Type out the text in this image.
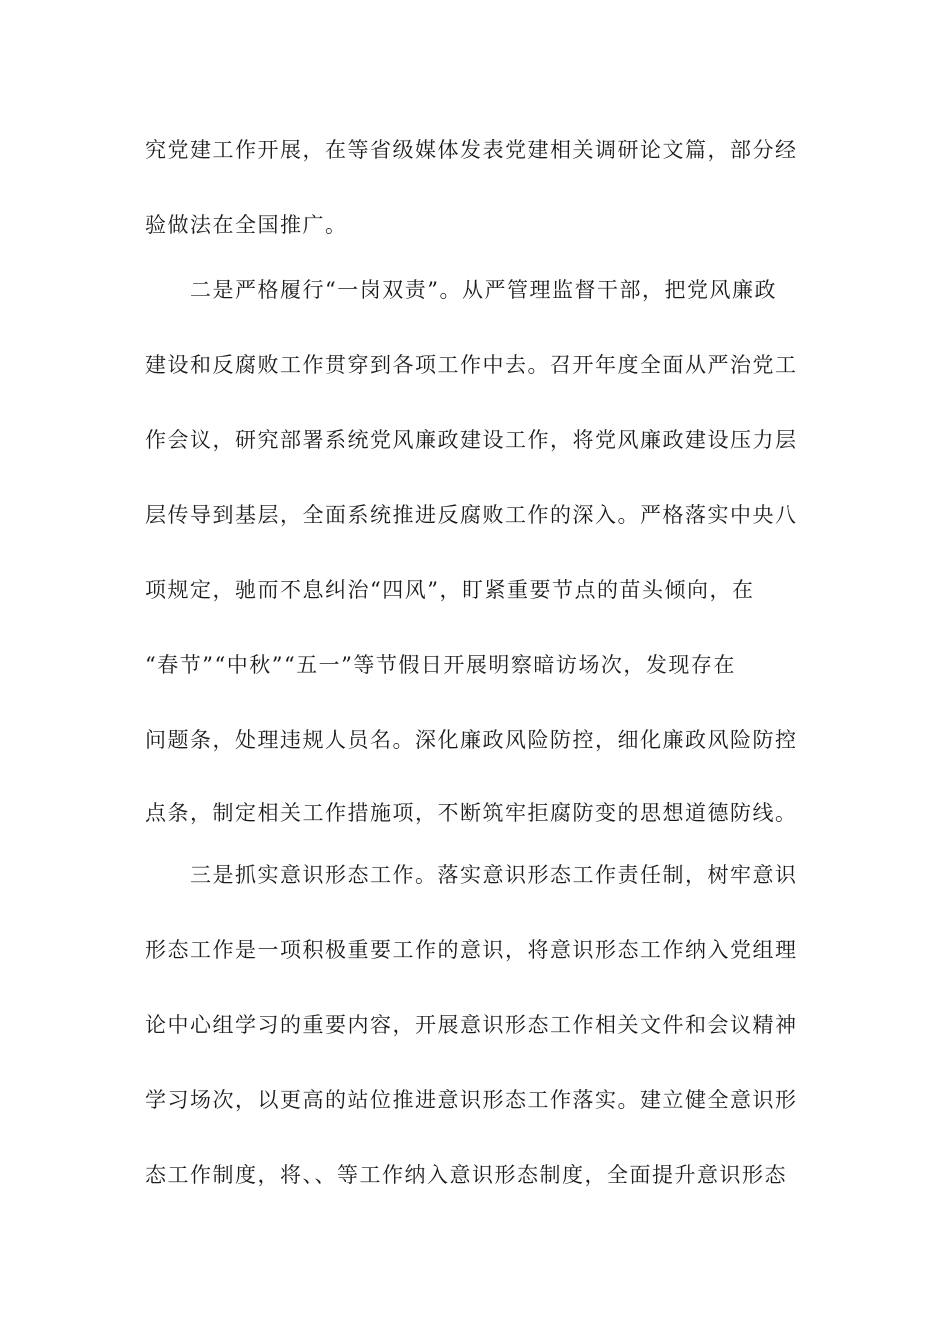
究党建工作开展，在等省级媒体发表党建相关调研论文篇，部分经
验做法在全国推广。
二是严格履行“一岗双责”。从严管理监督干部，把党风廉政
建设和反腐败工作贯穿到各项工作中去。召开年度全面从严治党工
作会议，研究部署系统党风廉政建设工作，将党风廉政建设压力层
层传导到基层，全面系统推进反腐败工作的深入。严格落实中央八
项规定，驰而不息纠治“四风”，盯紧重要节点的苗头倾向，在
“春节”“中秋”“五一”等节假日开展明察暗访场次，发现存在
问题条，处理违规人员名。深化廉政风险防控，细化廉政风险防控
点条，制定相关工作措施项，不断筑牢拒腐防变的思想道德防线。
三是抓实意识形态工作。落实意识形态工作责任制，树牢意识
形态工作是一项积极重要工作的意识，将意识形态工作纳入党组理
论中心组学习的重要内容，开展意识形态工作相关文件和会议精神
学习场次，以更高的站位推进意识形态工作落实。建立健全意识形
态工作制度，将、、等工作纳入意识形态制度，全面提升意识形态
